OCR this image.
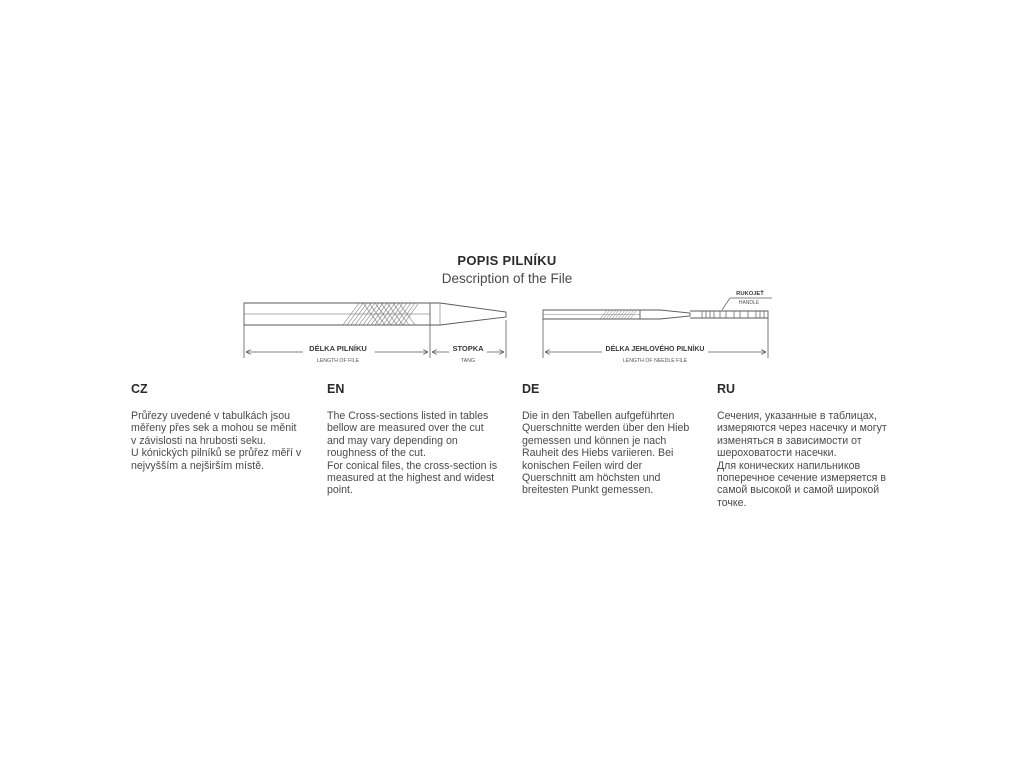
POPIS PILNÍKU
Description of the File
DÉLKA PILNÍKU
LENGTH OF FILE
STOPKA
TANG
RUKOJEŤ
HANDLE
DÉLKA JEHLOVÉHO PILNÍKU
LENGTH OF NEEDLE FILE
CZ

Průřezy uvedené v tabulkách jsou měřeny přes sek a mohou se měnit v závislosti na hrubosti seku.

U kónických pilníků se průřez měří v nejvyšším a nejširším místě.

EN

The Cross-sections listed in tables bellow are measured over the cut and may vary depending on roughness of the cut.

For conical files, the cross-section is measured at the highest and widest point.

DE

Die in den Tabellen aufgeführten Querschnitte werden über den Hieb gemessen und können je nach Rauheit des Hiebs variieren. Bei konischen Feilen wird der Querschnitt am höchsten und breitesten Punkt gemessen.

RU

Сечения, указанные в таблицах, измеряются через насечку и могут изменяться в зависимости от шероховатости насечки.

Для конических напильников поперечное сечение измеряется в самой высокой и самой широкой точке.
